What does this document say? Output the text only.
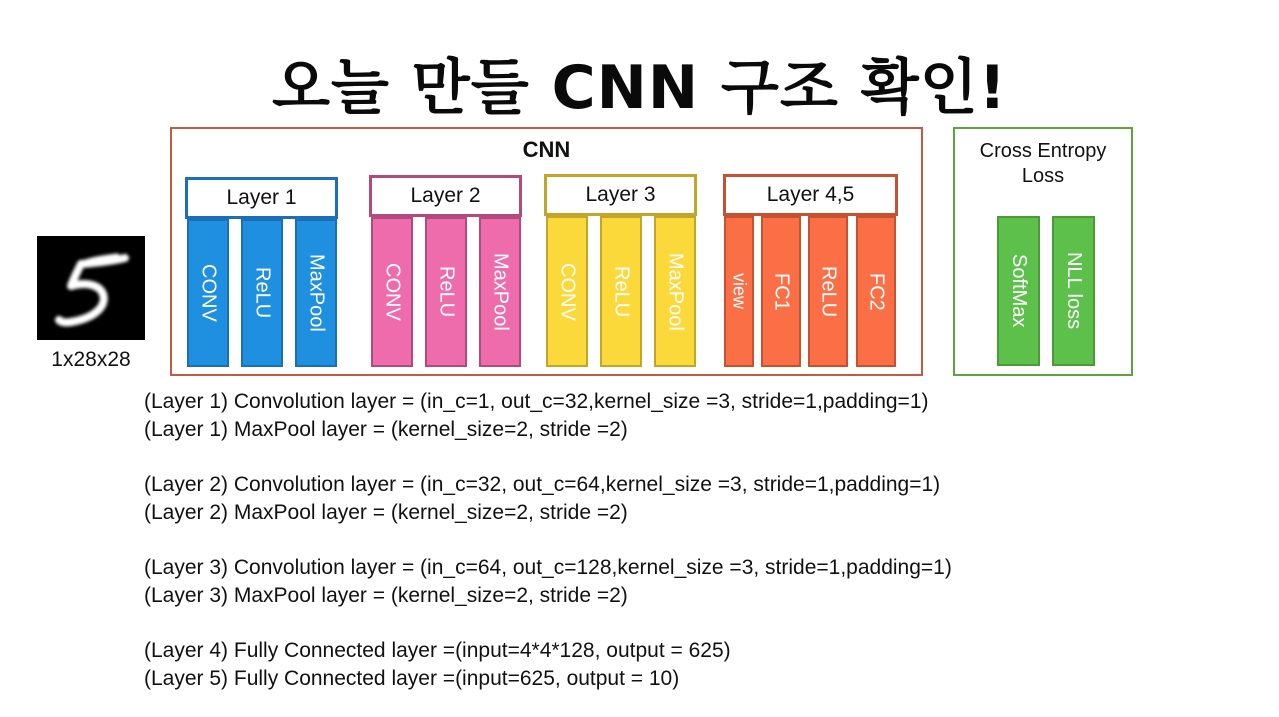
오늘 만들 CNN 구조 확인!
1x28x28
CNN
Layer 1
CONV ReLU MaxPool
Layer 2
CONV ReLU MaxPool
Layer 3
CONV ReLU MaxPool
Layer 4,5
view FC1 ReLU FC2
Cross Entropy
Loss
SoftMax NLL loss
(Layer 1) Convolution layer = (in_c=1, out_c=32,kernel_size =3, stride=1,padding=1)
(Layer 1) MaxPool layer = (kernel_size=2, stride =2)
(Layer 2) Convolution layer = (in_c=32, out_c=64,kernel_size =3, stride=1,padding=1)
(Layer 2) MaxPool layer = (kernel_size=2, stride =2)
(Layer 3) Convolution layer = (in_c=64, out_c=128,kernel_size =3, stride=1,padding=1)
(Layer 3) MaxPool layer = (kernel_size=2, stride =2)
(Layer 4) Fully Connected layer =(input=4*4*128, output = 625)
(Layer 5) Fully Connected layer =(input=625, output = 10)
